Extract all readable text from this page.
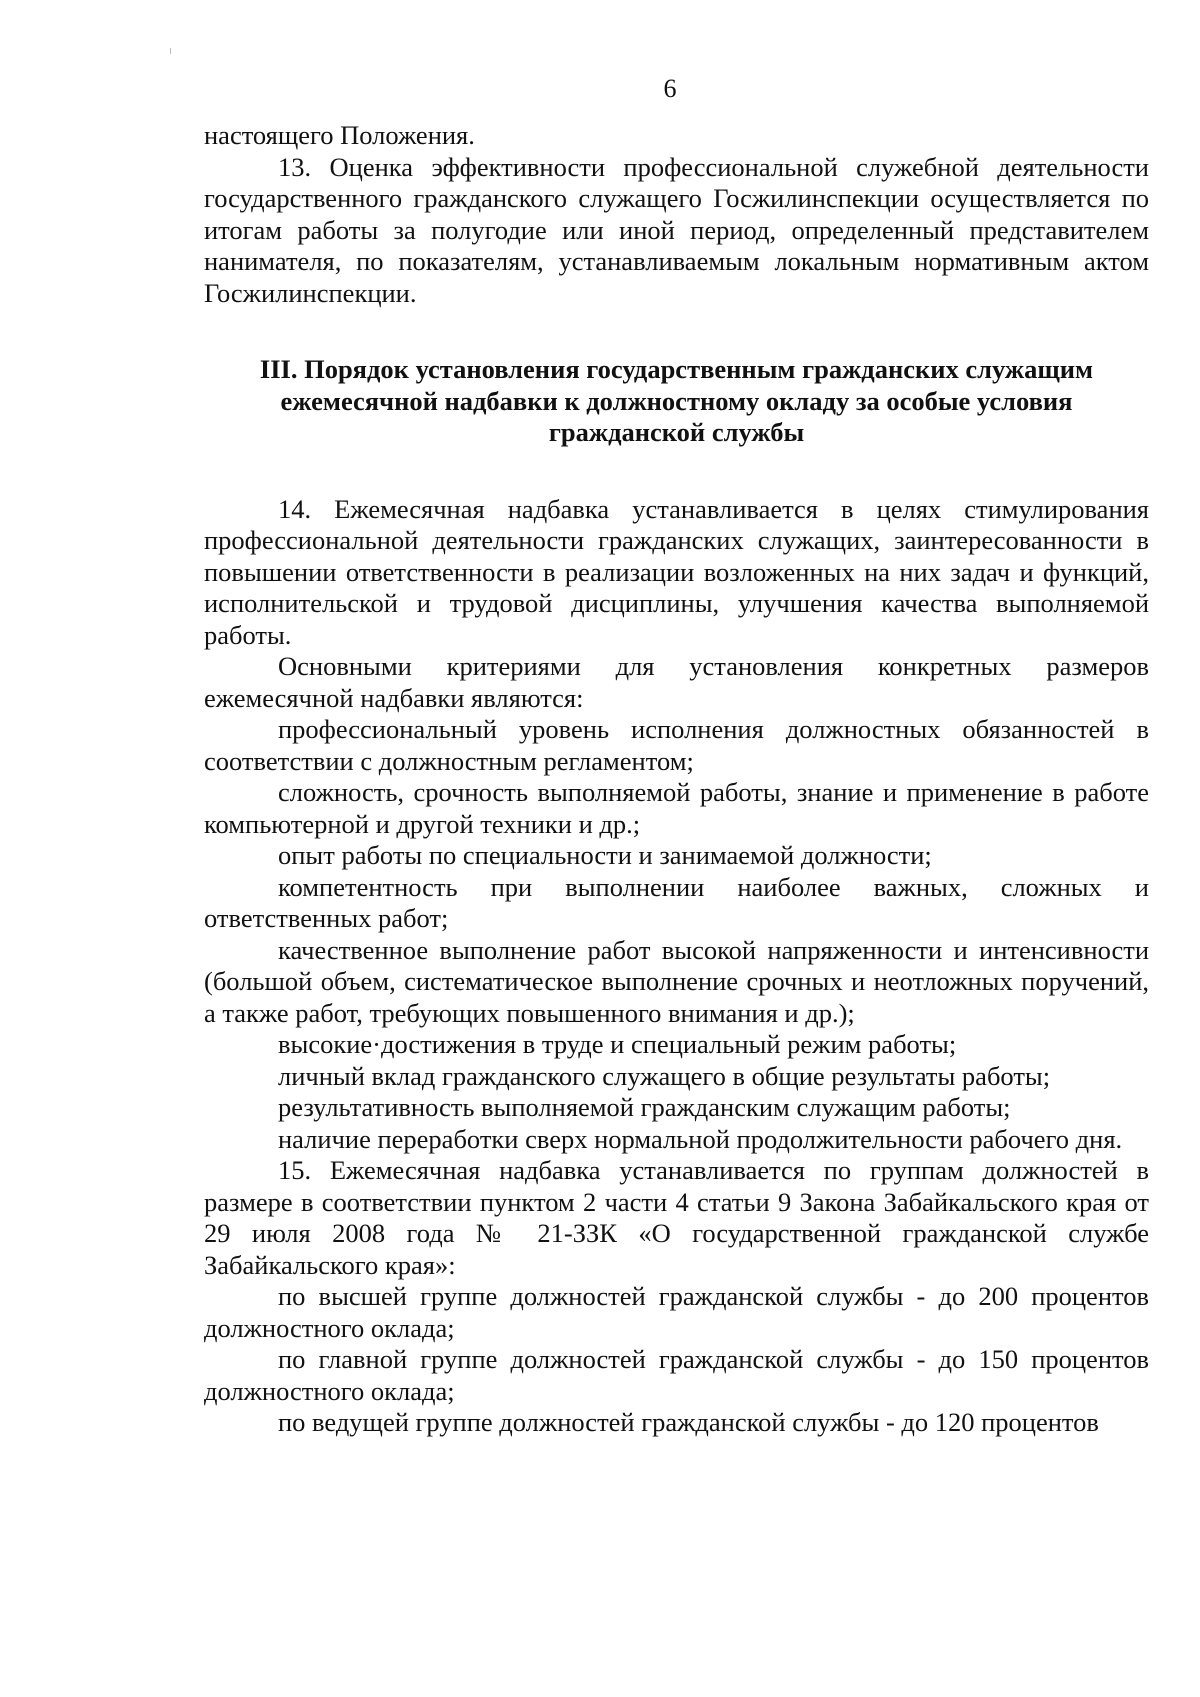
6

настоящего Положения.

13. Оценка эффективности профессиональной служебной деятельности государственного гражданского служащего Госжилинспекции осуществляется по итогам работы за полугодие или иной период, определенный представителем нанимателя, по показателям, устанавливаемым локальным нормативным актом Госжилинспекции.

III. Порядок установления государственным гражданских служащим ежемесячной надбавки к должностному окладу за особые условия гражданской службы

14. Ежемесячная надбавка устанавливается в целях стимулирования профессиональной деятельности гражданских служащих, заинтересованности в повышении ответственности в реализации возложенных на них задач и функций, исполнительской и трудовой дисциплины, улучшения качества выполняемой работы.

Основными критериями для установления конкретных размеров ежемесячной надбавки являются:

профессиональный уровень исполнения должностных обязанностей в соответствии с должностным регламентом;

сложность, срочность выполняемой работы, знание и применение в работе компьютерной и другой техники и др.;

опыт работы по специальности и занимаемой должности;

компетентность при выполнении наиболее важных, сложных и ответственных работ;

качественное выполнение работ высокой напряженности и интенсивности (большой объем, систематическое выполнение срочных и неотложных поручений, а также работ, требующих повышенного внимания и др.);

высокие·достижения в труде и специальный режим работы;

личный вклад гражданского служащего в общие результаты работы;

результативность выполняемой гражданским служащим работы;

наличие переработки сверх нормальной продолжительности рабочего дня.

15. Ежемесячная надбавка устанавливается по группам должностей в размере в соответствии пунктом 2 части 4 статьи 9 Закона Забайкальского края от 29 июля 2008 года № 21-ЗЗК «О государственной гражданской службе Забайкальского края»:

по высшей группе должностей гражданской службы - до 200 процентов должностного оклада;

по главной группе должностей гражданской службы - до 150 процентов должностного оклада;

по ведущей группе должностей гражданской службы - до 120 процентов
